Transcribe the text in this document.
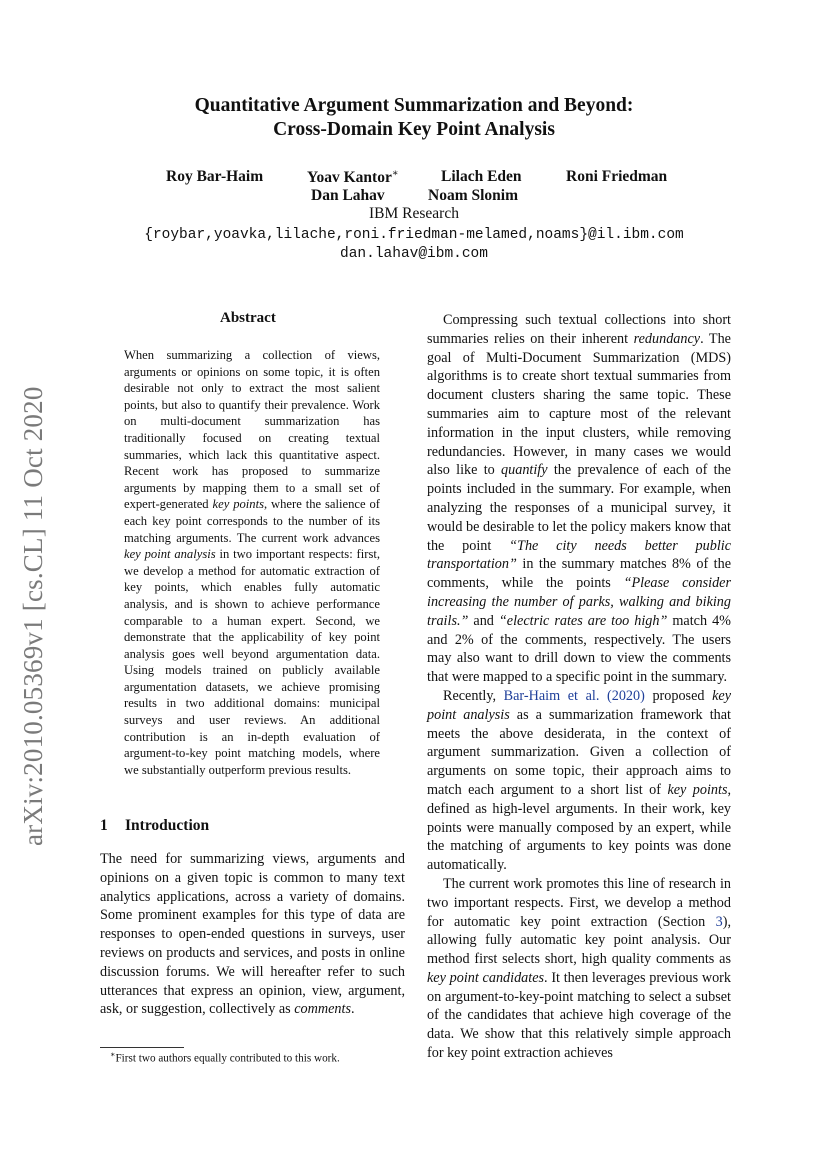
Quantitative Argument Summarization and Beyond:
Cross-Domain Key Point Analysis
Roy Bar-Haim	Yoav Kantor∗	Lilach Eden	Roni Friedman
Dan Lahav	Noam Slonim
IBM Research
{roybar,yoavka,lilache,roni.friedman-melamed,noams}@il.ibm.com
dan.lahav@ibm.com
arXiv:2010.05369v1 [cs.CL] 11 Oct 2020
Abstract
When summarizing a collection of views, arguments or opinions on some topic, it is often desirable not only to extract the most salient points, but also to quantify their prevalence. Work on multi-document summarization has traditionally focused on creating textual summaries, which lack this quantitative aspect. Recent work has proposed to summarize arguments by mapping them to a small set of expert-generated key points, where the salience of each key point corresponds to the number of its matching arguments. The current work advances key point analysis in two important respects: first, we develop a method for automatic extraction of key points, which enables fully automatic analysis, and is shown to achieve performance comparable to a human expert. Second, we demonstrate that the applicability of key point analysis goes well beyond argumentation data. Using models trained on publicly available argumentation datasets, we achieve promising results in two additional domains: municipal surveys and user reviews. An additional contribution is an in-depth evaluation of argument-to-key point matching models, where we substantially outperform previous results.
1 Introduction
The need for summarizing views, arguments and opinions on a given topic is common to many text analytics applications, across a variety of domains. Some prominent examples for this type of data are responses to open-ended questions in surveys, user reviews on products and services, and posts in online discussion forums. We will hereafter refer to such utterances that express an opinion, view, argument, ask, or suggestion, collectively as comments.
∗First two authors equally contributed to this work.

Compressing such textual collections into short summaries relies on their inherent redundancy. The goal of Multi-Document Summarization (MDS) algorithms is to create short textual summaries from document clusters sharing the same topic. These summaries aim to capture most of the relevant information in the input clusters, while removing redundancies. However, in many cases we would also like to quantify the prevalence of each of the points included in the summary. For example, when analyzing the responses of a municipal survey, it would be desirable to let the policy makers know that the point “The city needs better public transportation” in the summary matches 8% of the comments, while the points “Please consider increasing the number of parks, walking and biking trails.” and “electric rates are too high” match 4% and 2% of the comments, respectively. The users may also want to drill down to view the comments that were mapped to a specific point in the summary.

Recently, Bar-Haim et al. (2020) proposed key point analysis as a summarization framework that meets the above desiderata, in the context of argument summarization. Given a collection of arguments on some topic, their approach aims to match each argument to a short list of key points, defined as high-level arguments. In their work, key points were manually composed by an expert, while the matching of arguments to key points was done automatically.

The current work promotes this line of research in two important respects. First, we develop a method for automatic key point extraction (Section 3), allowing fully automatic key point analysis. Our method first selects short, high quality comments as key point candidates. It then leverages previous work on argument-to-key-point matching to select a subset of the candidates that achieve high coverage of the data. We show that this relatively simple approach for key point extraction achieves
